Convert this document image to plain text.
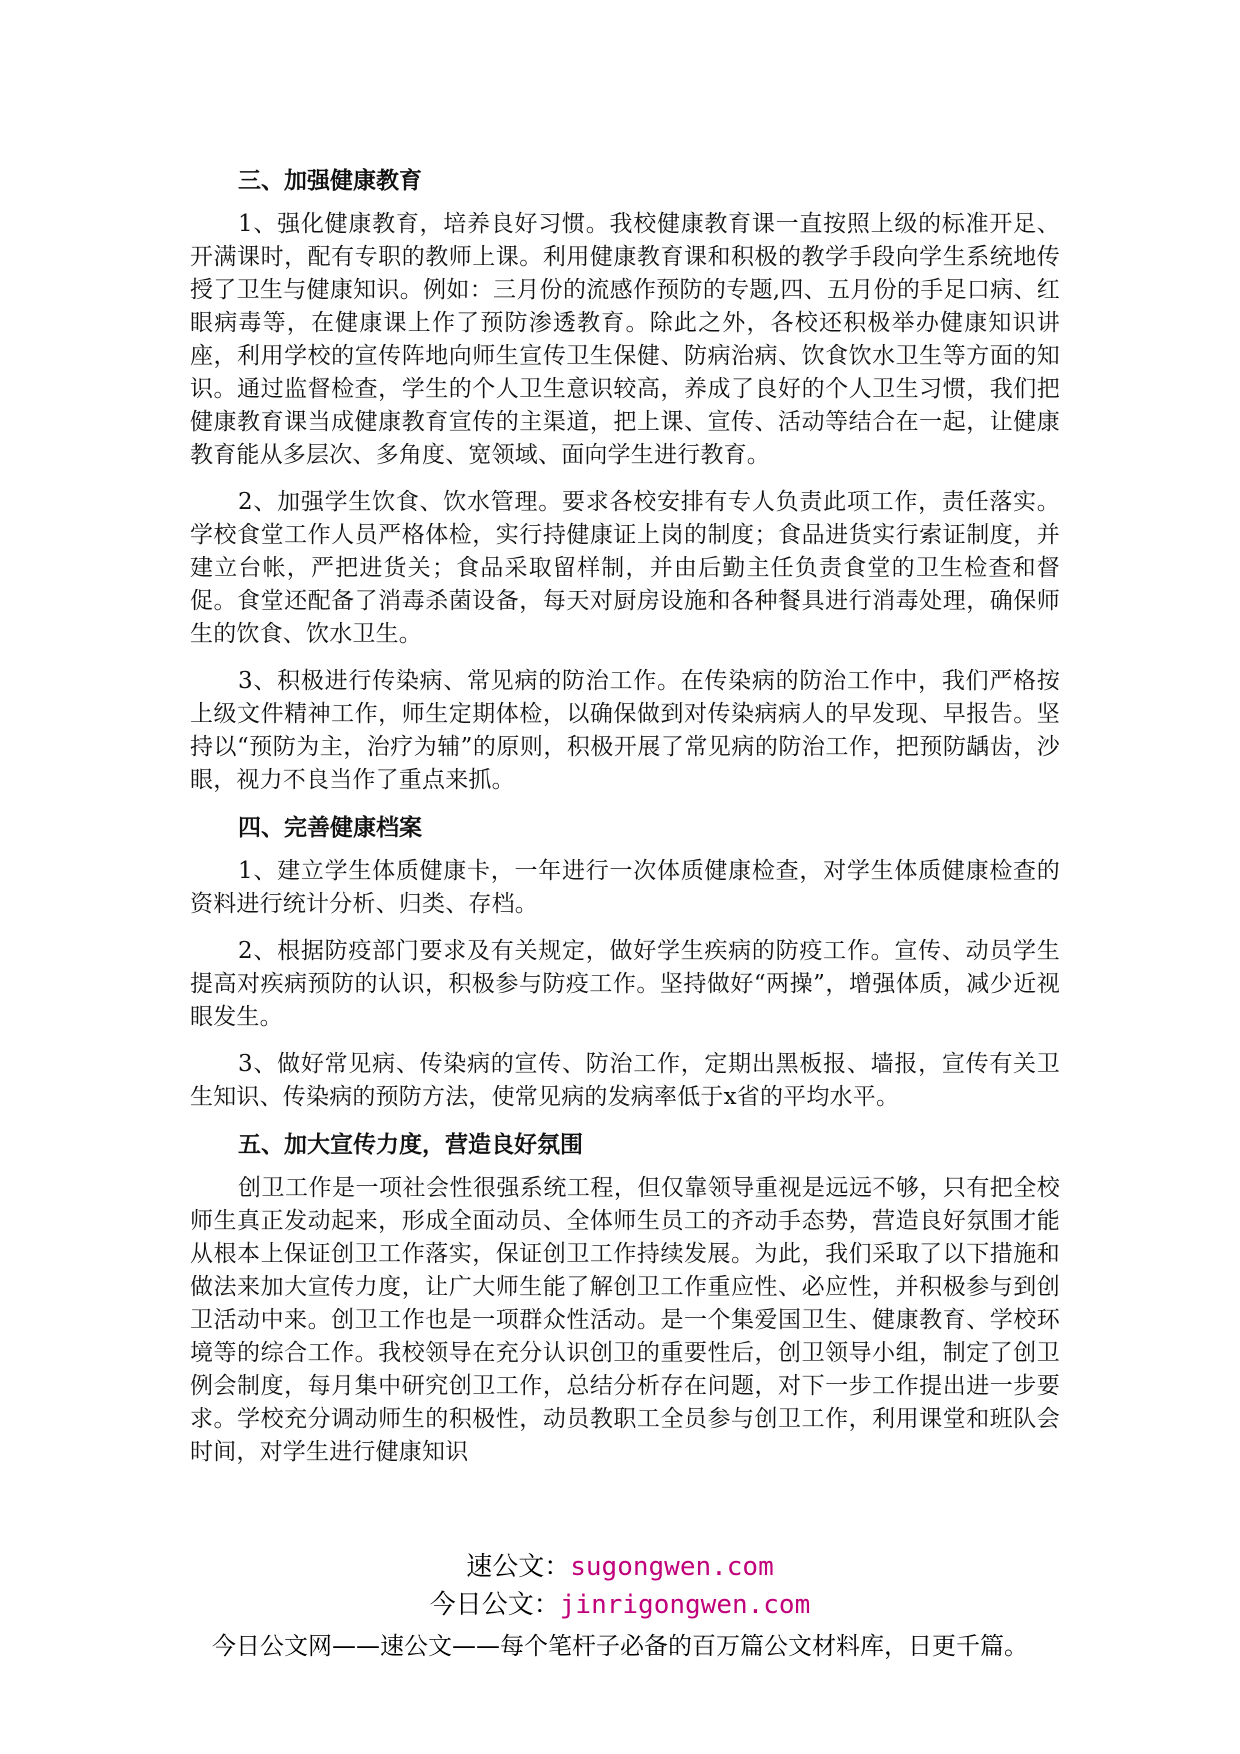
三、加强健康教育

1、强化健康教育，培养良好习惯。我校健康教育课一直按照上级的标准开足、开满课时，配有专职的教师上课。利用健康教育课和积极的教学手段向学生系统地传授了卫生与健康知识。例如：三月份的流感作预防的专题,四、五月份的手足口病、红眼病毒等，在健康课上作了预防渗透教育。除此之外，各校还积极举办健康知识讲座，利用学校的宣传阵地向师生宣传卫生保健、防病治病、饮食饮水卫生等方面的知识。通过监督检查，学生的个人卫生意识较高，养成了良好的个人卫生习惯，我们把健康教育课当成健康教育宣传的主渠道，把上课、宣传、活动等结合在一起，让健康教育能从多层次、多角度、宽领域、面向学生进行教育。

2、加强学生饮食、饮水管理。要求各校安排有专人负责此项工作，责任落实。学校食堂工作人员严格体检，实行持健康证上岗的制度；食品进货实行索证制度，并建立台帐，严把进货关；食品采取留样制，并由后勤主任负责食堂的卫生检查和督促。食堂还配备了消毒杀菌设备，每天对厨房设施和各种餐具进行消毒处理，确保师生的饮食、饮水卫生。

3、积极进行传染病、常见病的防治工作。在传染病的防治工作中，我们严格按上级文件精神工作，师生定期体检，以确保做到对传染病病人的早发现、早报告。坚持以“预防为主，治疗为辅”的原则，积极开展了常见病的防治工作，把预防龋齿，沙眼，视力不良当作了重点来抓。

四、完善健康档案

1、建立学生体质健康卡，一年进行一次体质健康检查，对学生体质健康检查的资料进行统计分析、归类、存档。

2、根据防疫部门要求及有关规定，做好学生疾病的防疫工作。宣传、动员学生提高对疾病预防的认识，积极参与防疫工作。坚持做好“两操”，增强体质，减少近视眼发生。

3、做好常见病、传染病的宣传、防治工作，定期出黑板报、墙报，宣传有关卫生知识、传染病的预防方法，使常见病的发病率低于x省的平均水平。

五、加大宣传力度，营造良好氛围

创卫工作是一项社会性很强系统工程，但仅靠领导重视是远远不够，只有把全校师生真正发动起来，形成全面动员、全体师生员工的齐动手态势，营造良好氛围才能从根本上保证创卫工作落实，保证创卫工作持续发展。为此，我们采取了以下措施和做法来加大宣传力度，让广大师生能了解创卫工作重应性、必应性，并积极参与到创卫活动中来。创卫工作也是一项群众性活动。是一个集爱国卫生、健康教育、学校环境等的综合工作。我校领导在充分认识创卫的重要性后，创卫领导小组，制定了创卫例会制度，每月集中研究创卫工作，总结分析存在问题，对下一步工作提出进一步要求。学校充分调动师生的积极性，动员教职工全员参与创卫工作，利用课堂和班队会时间，对学生进行健康知识

速公文：sugongwen.com
今日公文：jinrigongwen.com
今日公文网——速公文——每个笔杆子必备的百万篇公文材料库，日更千篇。
